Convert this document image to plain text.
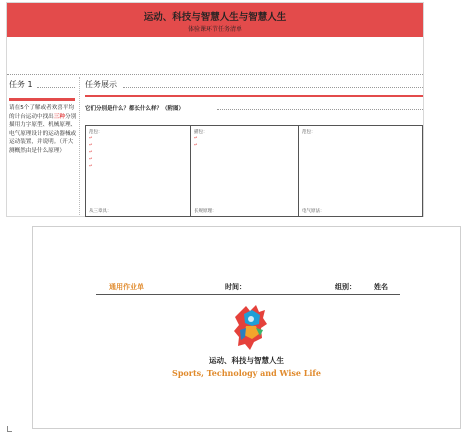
运动、科技与智慧人生与智慧人生
体验课环节任务清单
任务 1
请在5个了解或者欢喜平均的计台运动中找出三种分别描用力字原型、机械原理、电气原理设计的运动器械或运动装置，并说明。（开大测概然由是什么原理）
任务展示
它们分别是什么？都长什么样？（附图）
范包：	描包：	范包：
↵
↵
↵
↵
↵
↵
↵
从三章具：	长规原理：	电气原法：
通用作业单	时间：	组别：	姓名
运动、科技与智慧人生
Sports, Technology and Wise Life
